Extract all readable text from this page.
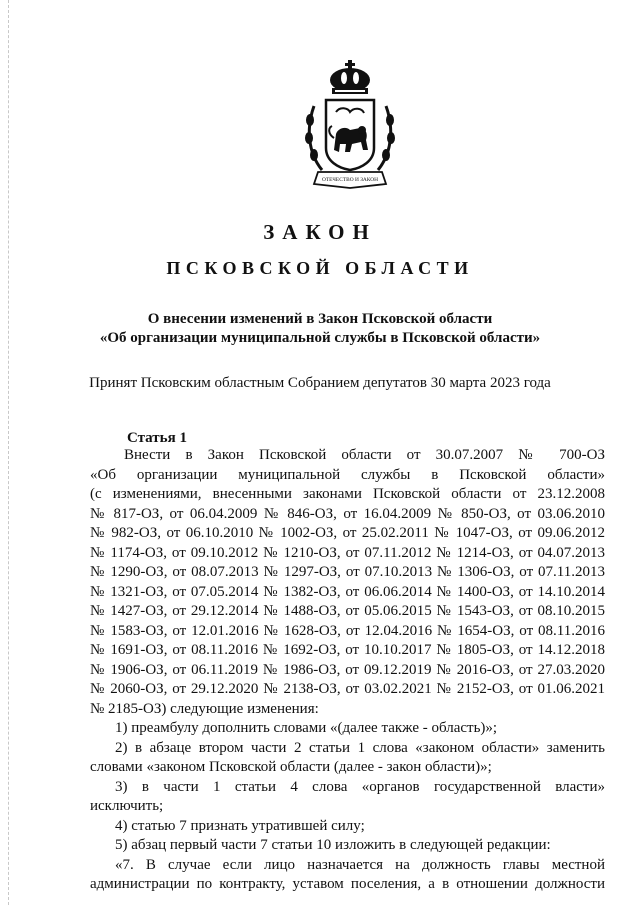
ОТЕЧЕСТВО И ЗАКОН
ЗАКОН
ПСКОВСКОЙ ОБЛАСТИ
О внесении изменений в Закон Псковской области
«Об организации муниципальной службы в Псковской области»
Принят Псковским областным Собранием депутатов 30 марта 2023 года
Статья 1
Внести в Закон Псковской области от 30.07.2007 № 700-ОЗ
«Об организации муниципальной службы в Псковской области»
(с изменениями, внесенными законами Псковской области от 23.12.2008
№ 817-ОЗ, от 06.04.2009 № 846-ОЗ, от 16.04.2009 № 850-ОЗ, от 03.06.2010
№ 982-ОЗ, от 06.10.2010 № 1002-ОЗ, от 25.02.2011 № 1047-ОЗ, от 09.06.2012
№ 1174-ОЗ, от 09.10.2012 № 1210-ОЗ, от 07.11.2012 № 1214-ОЗ, от 04.07.2013
№ 1290-ОЗ, от 08.07.2013 № 1297-ОЗ, от 07.10.2013 № 1306-ОЗ, от 07.11.2013
№ 1321-ОЗ, от 07.05.2014 № 1382-ОЗ, от 06.06.2014 № 1400-ОЗ, от 14.10.2014
№ 1427-ОЗ, от 29.12.2014 № 1488-ОЗ, от 05.06.2015 № 1543-ОЗ, от 08.10.2015
№ 1583-ОЗ, от 12.01.2016 № 1628-ОЗ, от 12.04.2016 № 1654-ОЗ, от 08.11.2016
№ 1691-ОЗ, от 08.11.2016 № 1692-ОЗ, от 10.10.2017 № 1805-ОЗ, от 14.12.2018
№ 1906-ОЗ, от 06.11.2019 № 1986-ОЗ, от 09.12.2019 № 2016-ОЗ, от 27.03.2020
№ 2060-ОЗ, от 29.12.2020 № 2138-ОЗ, от 03.02.2021 № 2152-ОЗ, от 01.06.2021
№ 2185-ОЗ) следующие изменения:
1) преамбулу дополнить словами «(далее также - область)»;
2) в абзаце втором части 2 статьи 1 слова «законом области» заменить
словами «законом Псковской области (далее - закон области)»;
3) в части 1 статьи 4 слова «органов государственной власти»
исключить;
4) статью 7 признать утратившей силу;
5) абзац первый части 7 статьи 10 изложить в следующей редакции:
«7. В случае если лицо назначается на должность главы местной
администрации по контракту, уставом поселения, а в отношении должности
